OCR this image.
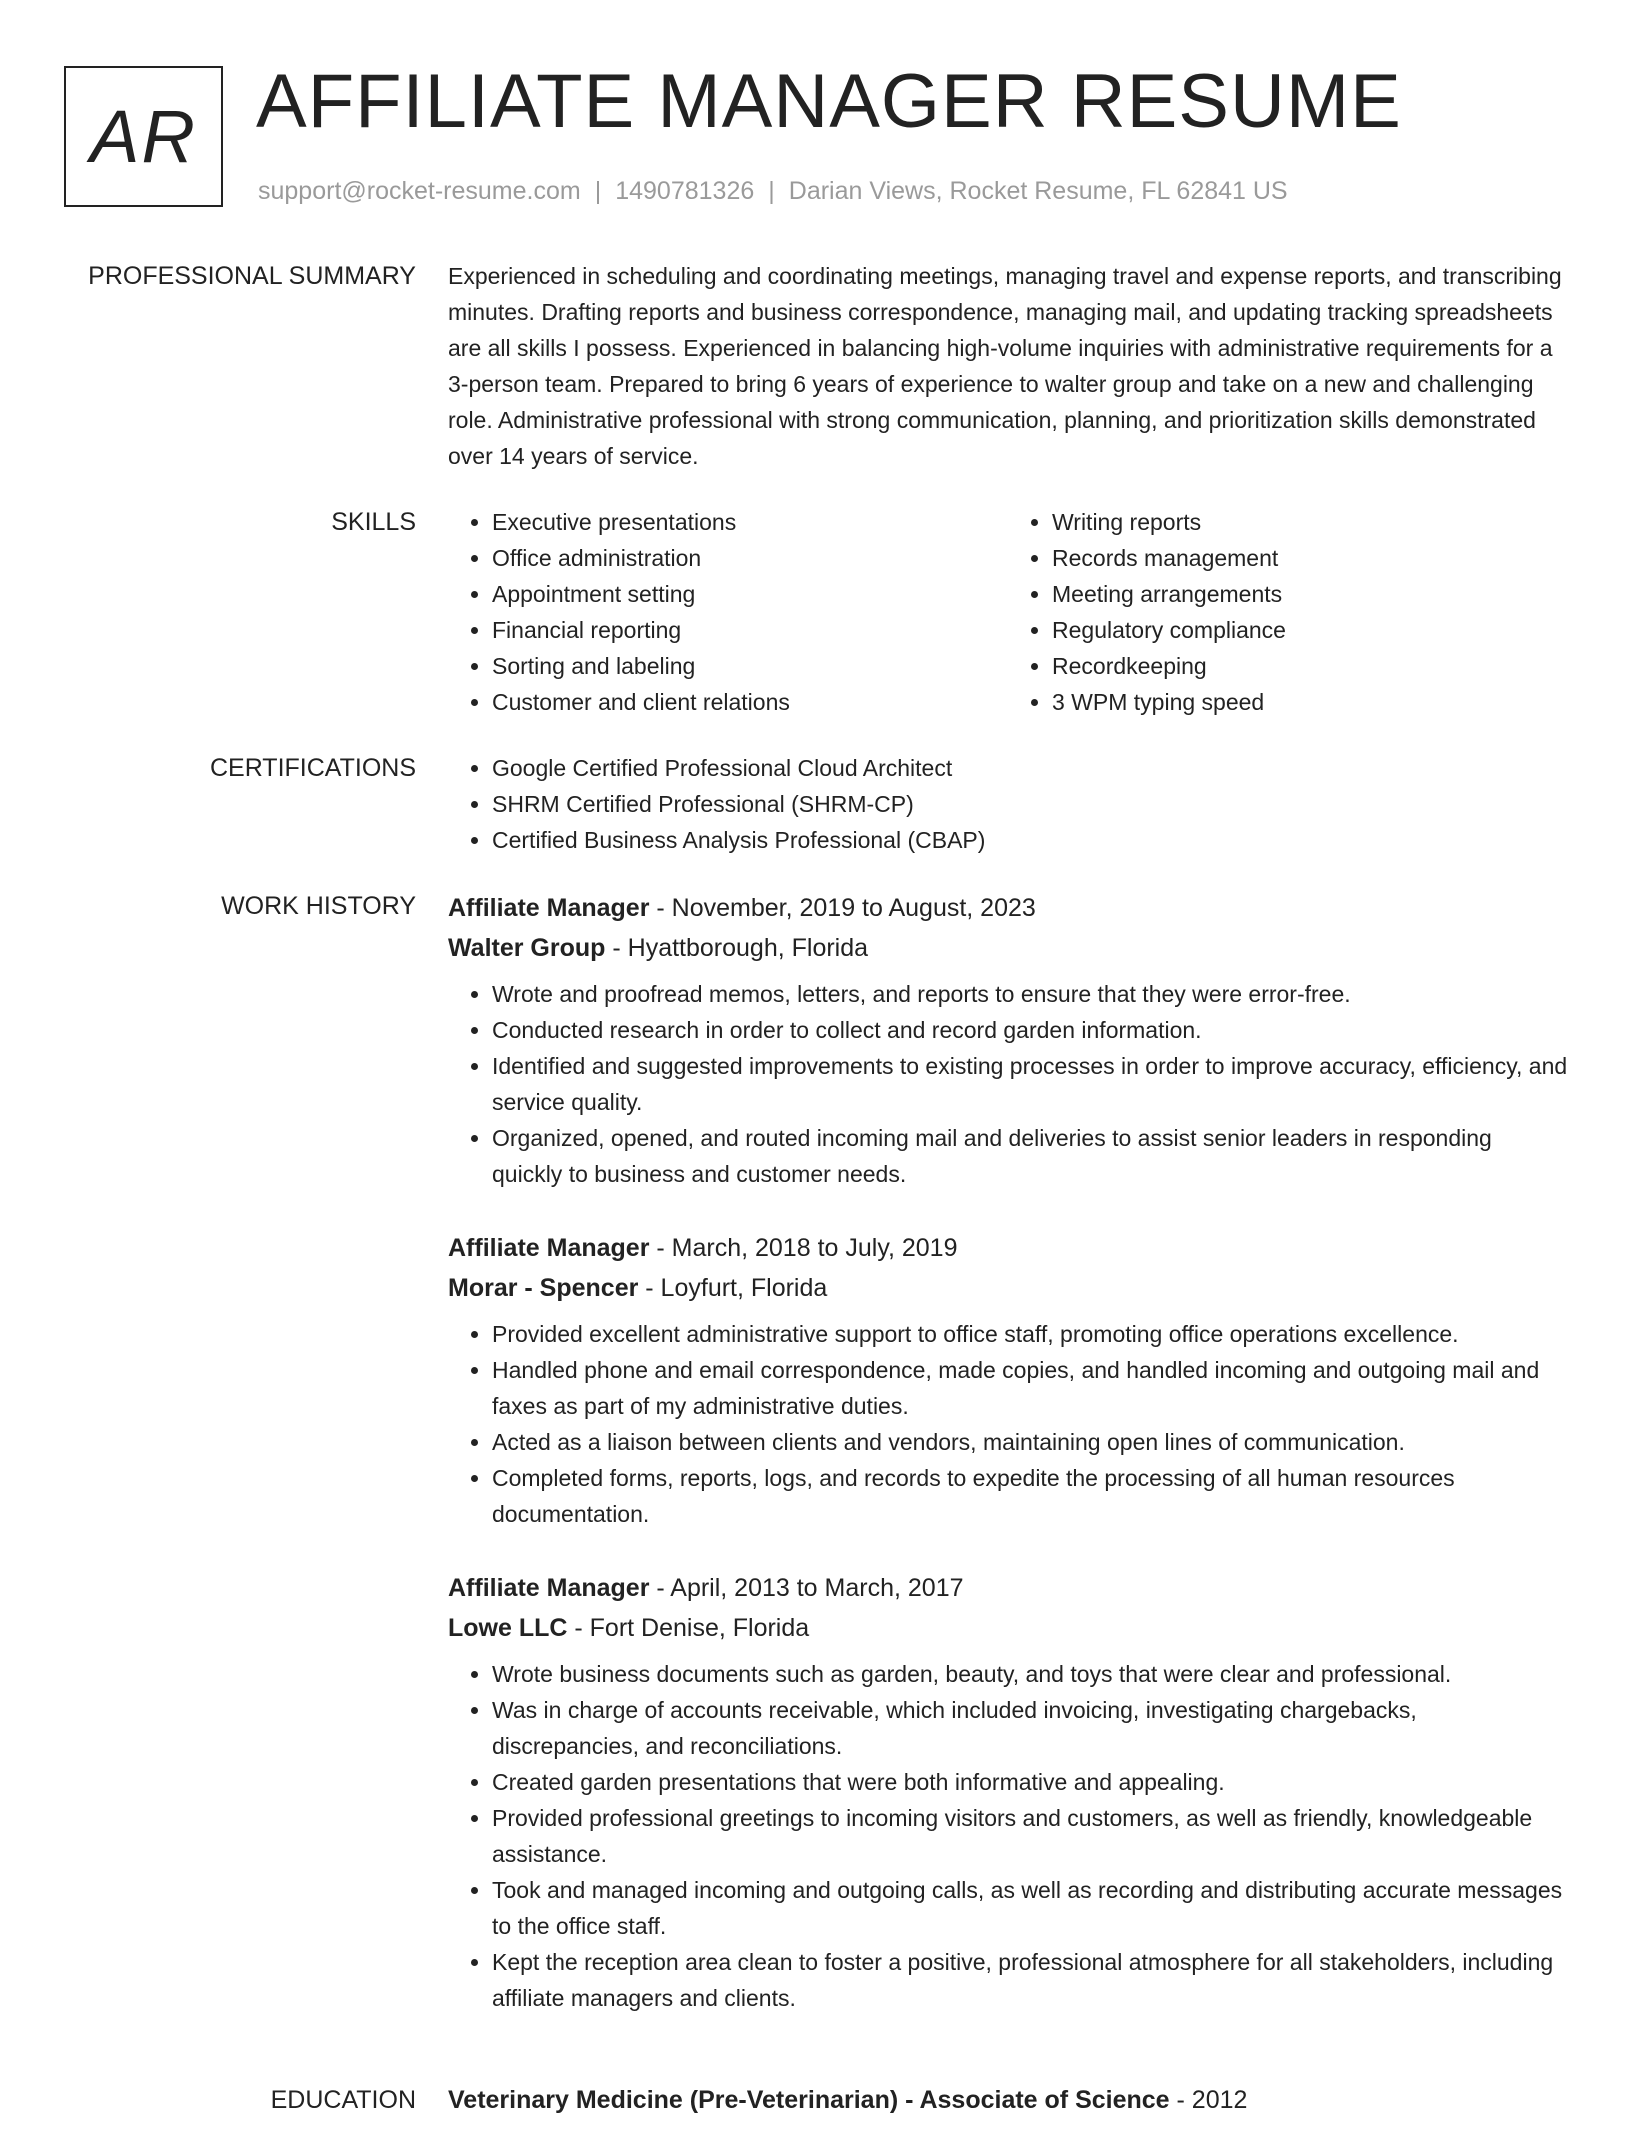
AR AFFILIATE MANAGER RESUME
support@rocket-resume.com | 1490781326 | Darian Views, Rocket Resume, FL 62841 US
PROFESSIONAL SUMMARY Experienced in scheduling and coordinating meetings, managing travel and expense reports, and transcribing minutes. Drafting reports and business correspondence, managing mail, and updating tracking spreadsheets are all skills I possess. Experienced in balancing high-volume inquiries with administrative requirements for a 3-person team. Prepared to bring 6 years of experience to walter group and take on a new and challenging role. Administrative professional with strong communication, planning, and prioritization skills demonstrated over 14 years of service.

SKILLS	• Executive presentations
• Office administration
• Appointment setting
• Financial reporting
• Sorting and labeling
• Customer and client relations
• Writing reports
• Records management
• Meeting arrangements
• Regulatory compliance
• Recordkeeping
• 3 WPM typing speed
CERTIFICATIONS	• Google Certified Professional Cloud Architect
• SHRM Certified Professional (SHRM-CP)
• Certified Business Analysis Professional (CBAP)
WORK HISTORY Affiliate Manager - November, 2019 to August, 2023
Walter Group - Hyattborough, Florida
• Wrote and proofread memos, letters, and reports to ensure that they were error-free.
• Conducted research in order to collect and record garden information.
• Identified and suggested improvements to existing processes in order to improve accuracy, efficiency, and service quality.
• Organized, opened, and routed incoming mail and deliveries to assist senior leaders in responding quickly to business and customer needs.
Affiliate Manager - March, 2018 to July, 2019
Morar - Spencer - Loyfurt, Florida
• Provided excellent administrative support to office staff, promoting office operations excellence.
• Handled phone and email correspondence, made copies, and handled incoming and outgoing mail and faxes as part of my administrative duties.
• Acted as a liaison between clients and vendors, maintaining open lines of communication.
• Completed forms, reports, logs, and records to expedite the processing of all human resources documentation.
Affiliate Manager - April, 2013 to March, 2017
Lowe LLC - Fort Denise, Florida
• Wrote business documents such as garden, beauty, and toys that were clear and professional.
• Was in charge of accounts receivable, which included invoicing, investigating chargebacks, discrepancies, and reconciliations.
• Created garden presentations that were both informative and appealing.
• Provided professional greetings to incoming visitors and customers, as well as friendly, knowledgeable assistance.
• Took and managed incoming and outgoing calls, as well as recording and distributing accurate messages to the office staff.
• Kept the reception area clean to foster a positive, professional atmosphere for all stakeholders, including affiliate managers and clients.
EDUCATION Veterinary Medicine (Pre-Veterinarian) - Associate of Science - 2012
